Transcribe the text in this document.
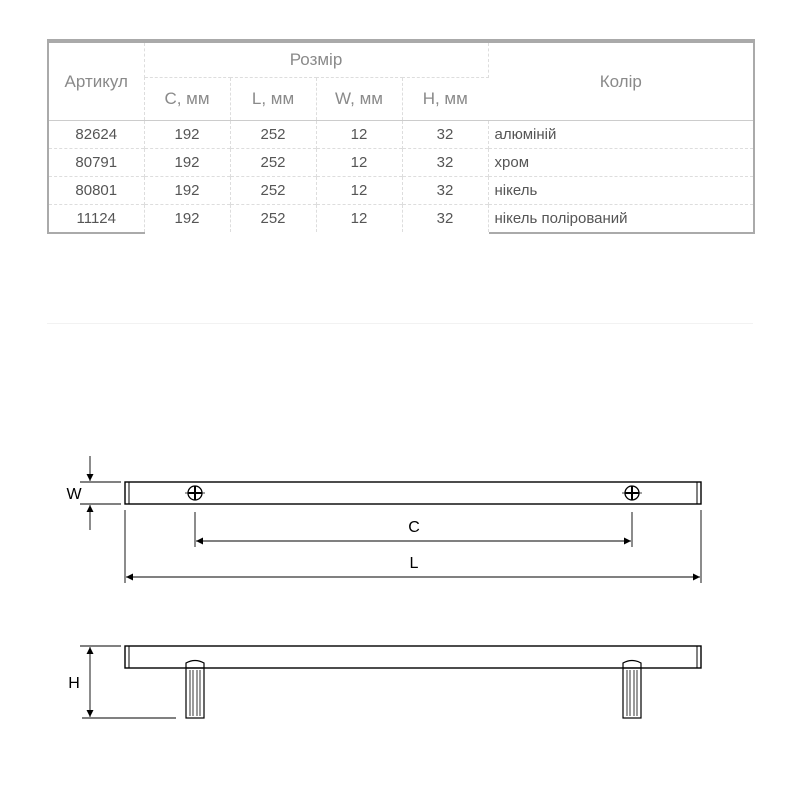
Артикул	Розмір				Колір
	C, мм	L, мм	W, мм	H, мм	
82624	192	252	12	32	алюміній
80791	192	252	12	32	хром
80801	192	252	12	32	нікель
11124	192	252	12	32	нікель полірований
W
C
L
H
